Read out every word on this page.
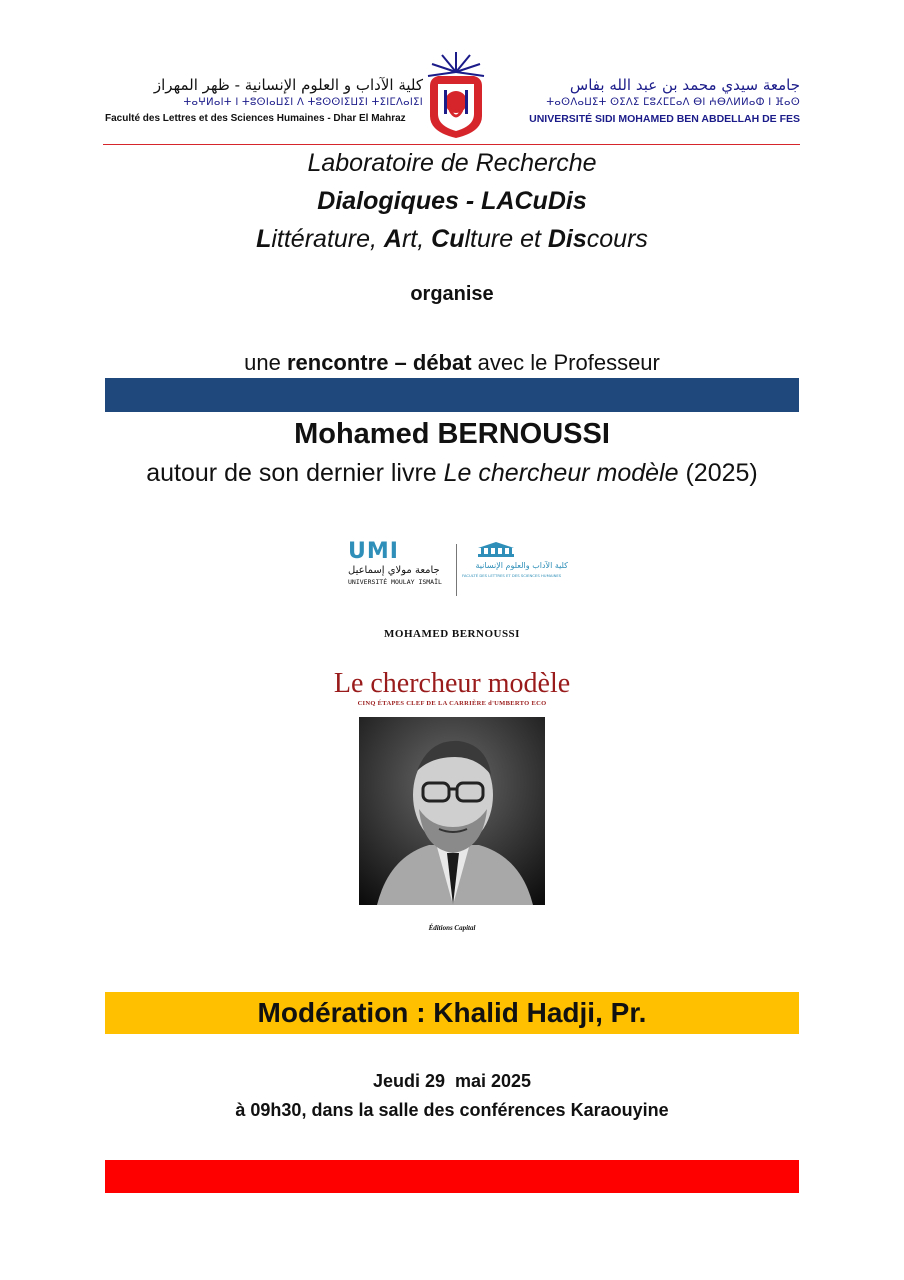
كلية الآداب و العلوم الإنسانية - ظهر المهراز
ⵜⴰⵖⵍⴰⵏⵜ ⵏ ⵜⵓⵙⵏⴰⵡⵉⵏ ⴷ ⵜⵓⵙⵙⵏⵉⵡⵉⵏ ⵜⵉⵏⵎⴷⴰⵏⵉⵏ
Faculté des Lettres et des Sciences Humaines - Dhar El Mahraz
جامعة سيدي محمد بن عبد الله بفاس
ⵜⴰⵙⴷⴰⵡⵉⵜ ⵙⵉⴷⵉ ⵎⵓⵃⵎⵎⴰⴷ ⴱⵏ ⵄⴱⴷⵍⵍⴰⵀ ⵏ ⴼⴰⵙ
UNIVERSITÉ SIDI MOHAMED BEN ABDELLAH DE FES
Laboratoire de Recherche
Dialogiques - LACuDis
Littérature, Art, Culture et Discours
organise
une rencontre – débat avec le Professeur
Mohamed BERNOUSSI
autour de son dernier livre Le chercheur modèle (2025)
UMI
جامعة مولاي إسماعيل
UNIVERSITÉ MOULAY ISMAÏL
كلية الآداب والعلوم الإنسانية
FACULTÉ DES LETTRES ET DES SCIENCES HUMAINES
MOHAMED BERNOUSSI
Le chercheur modèle
CINQ ÉTAPES CLEF DE LA CARRIÈRE d'UMBERTO ECO
Éditions Capital
Modération : Khalid Hadji, Pr.
Jeudi 29  mai 2025
à 09h30, dans la salle des conférences Karaouyine
